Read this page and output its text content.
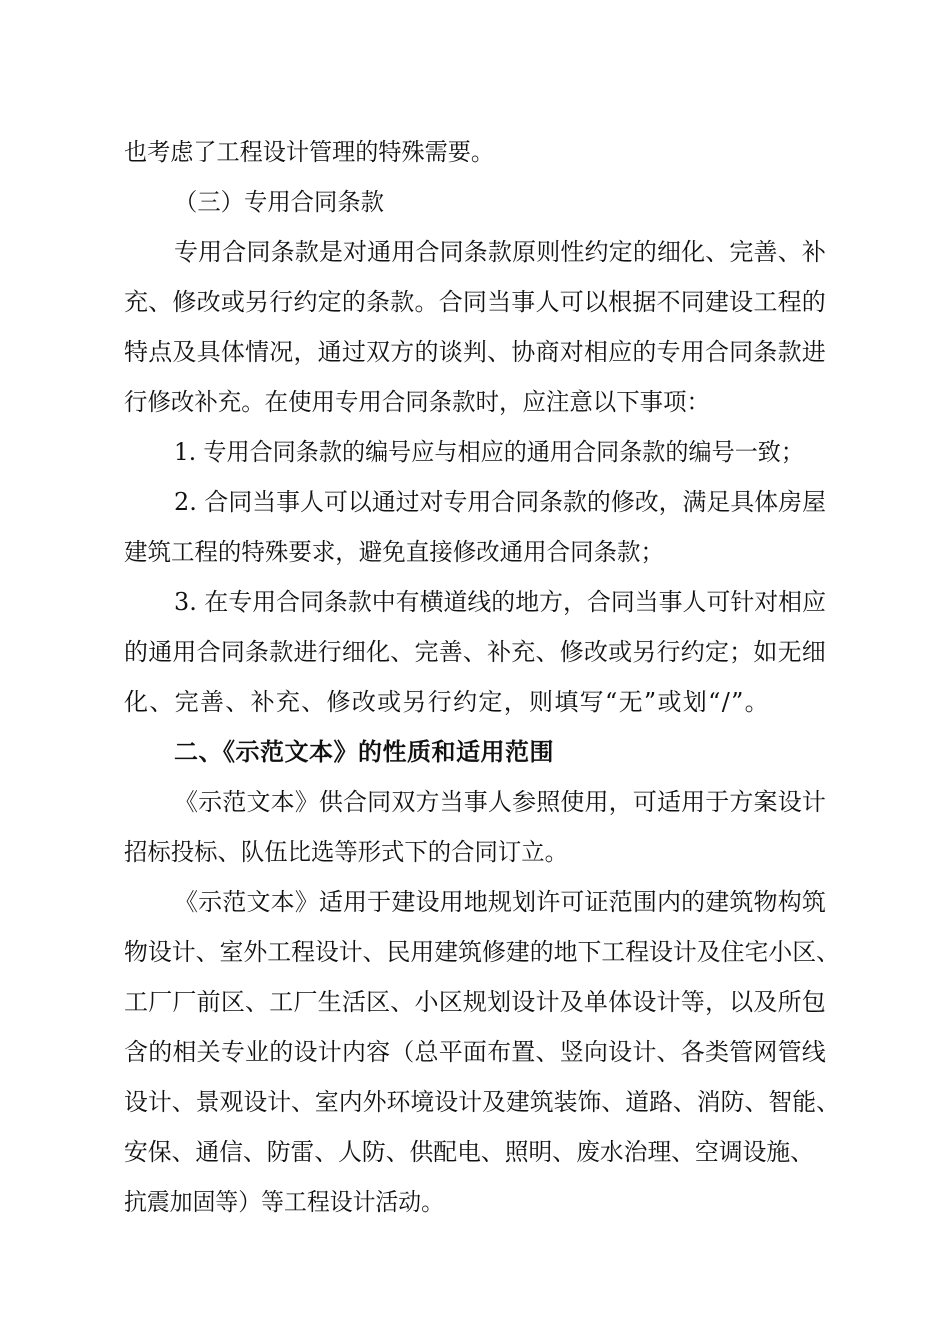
也考虑了工程设计管理的特殊需要。
（三）专用合同条款
专用合同条款是对通用合同条款原则性约定的细化、完善、补
充、修改或另行约定的条款。合同当事人可以根据不同建设工程的
特点及具体情况，通过双方的谈判、协商对相应的专用合同条款进
行修改补充。在使用专用合同条款时，应注意以下事项：
1. 专用合同条款的编号应与相应的通用合同条款的编号一致；
2. 合同当事人可以通过对专用合同条款的修改，满足具体房屋
建筑工程的特殊要求，避免直接修改通用合同条款；
3. 在专用合同条款中有横道线的地方，合同当事人可针对相应
的通用合同条款进行细化、完善、补充、修改或另行约定；如无细
化、完善、补充、修改或另行约定，则填写“无”或划“/”。
二、《示范文本》的性质和适用范围
《示范文本》供合同双方当事人参照使用，可适用于方案设计
招标投标、队伍比选等形式下的合同订立。
《示范文本》适用于建设用地规划许可证范围内的建筑物构筑
物设计、室外工程设计、民用建筑修建的地下工程设计及住宅小区、
工厂厂前区、工厂生活区、小区规划设计及单体设计等，以及所包
含的相关专业的设计内容（总平面布置、竖向设计、各类管网管线
设计、景观设计、室内外环境设计及建筑装饰、道路、消防、智能、
安保、通信、防雷、人防、供配电、照明、废水治理、空调设施、
抗震加固等）等工程设计活动。
